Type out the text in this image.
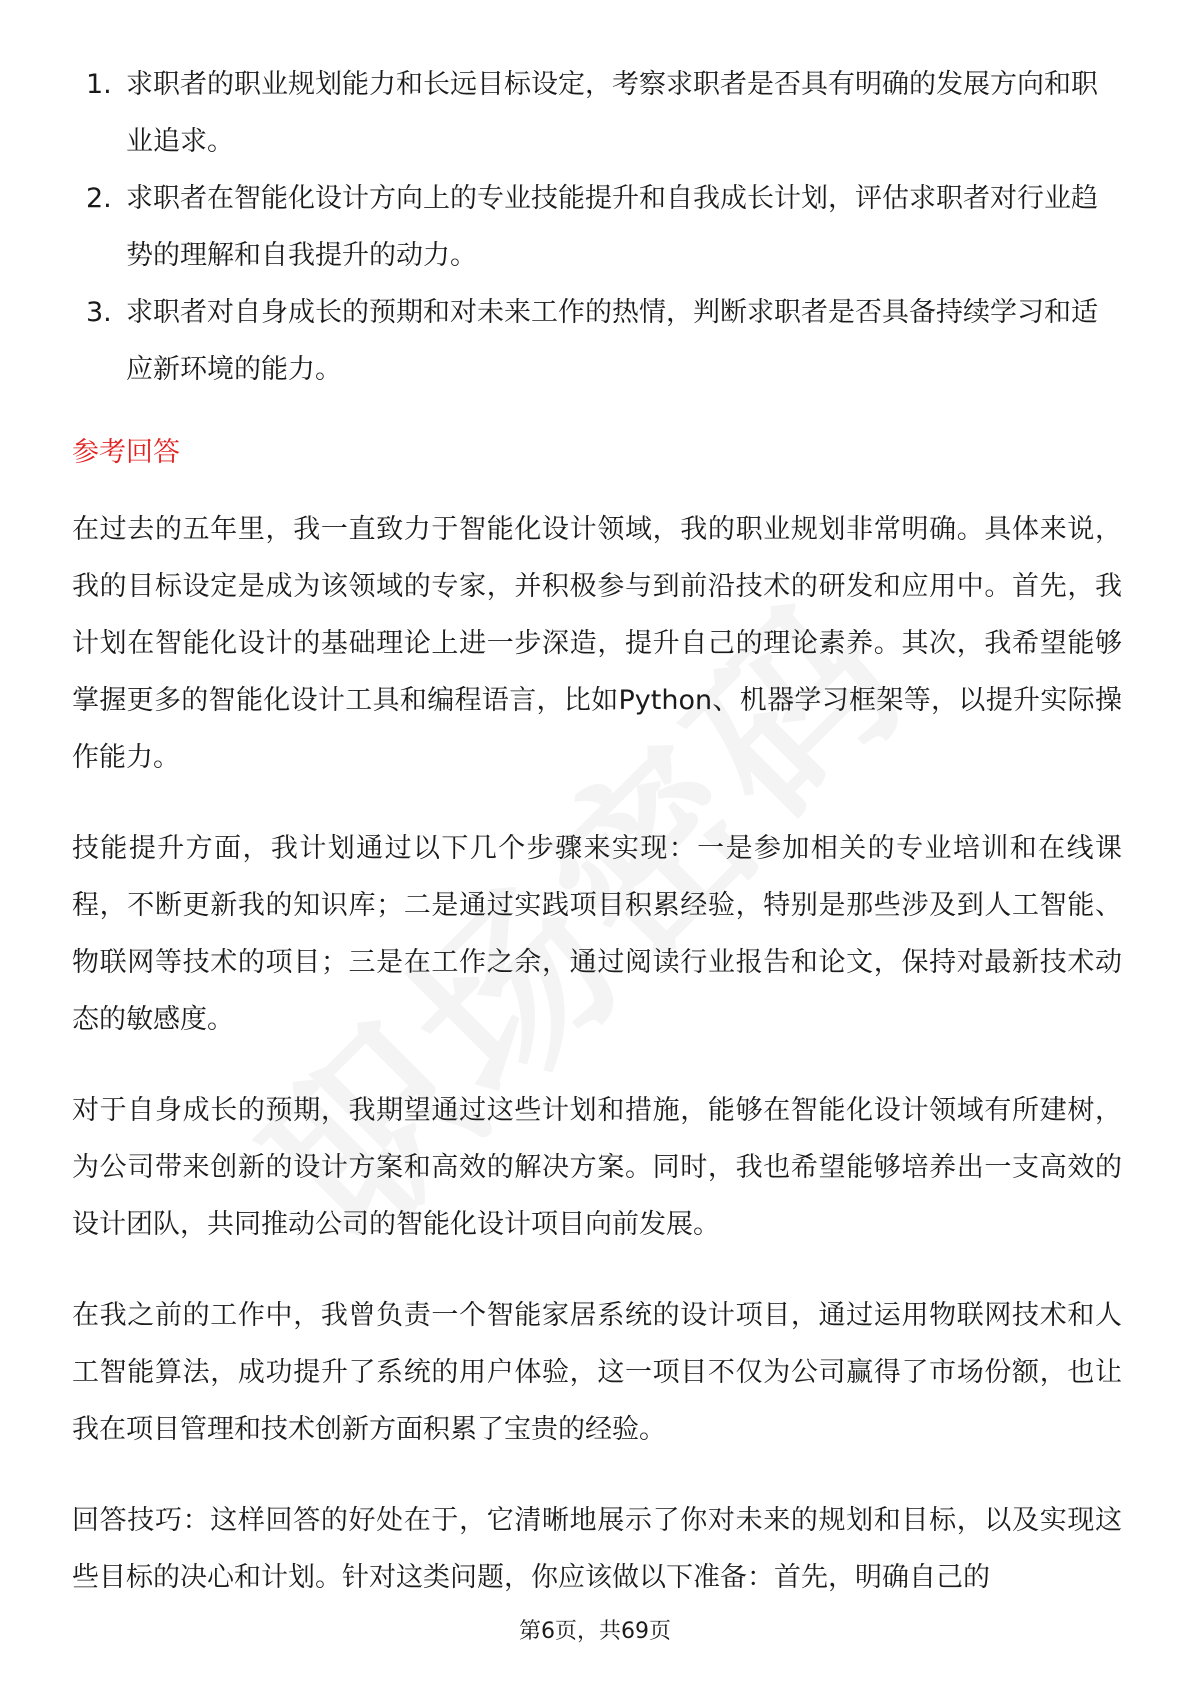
1. 求职者的职业规划能力和长远目标设定，考察求职者是否具有明确的发展方向和职业追求。
2. 求职者在智能化设计方向上的专业技能提升和自我成长计划，评估求职者对行业趋势的理解和自我提升的动力。
3. 求职者对自身成长的预期和对未来工作的热情，判断求职者是否具备持续学习和适应新环境的能力。
参考回答

在过去的五年里，我一直致力于智能化设计领域，我的职业规划非常明确。具体来说，我的目标设定是成为该领域的专家，并积极参与到前沿技术的研发和应用中。首先，我计划在智能化设计的基础理论上进一步深造，提升自己的理论素养。其次，我希望能够掌握更多的智能化设计工具和编程语言，比如Python、机器学习框架等，以提升实际操作能力。

技能提升方面，我计划通过以下几个步骤来实现：一是参加相关的专业培训和在线课程，不断更新我的知识库；二是通过实践项目积累经验，特别是那些涉及到人工智能、物联网等技术的项目；三是在工作之余，通过阅读行业报告和论文，保持对最新技术动态的敏感度。

对于自身成长的预期，我期望通过这些计划和措施，能够在智能化设计领域有所建树，为公司带来创新的设计方案和高效的解决方案。同时，我也希望能够培养出一支高效的设计团队，共同推动公司的智能化设计项目向前发展。

在我之前的工作中，我曾负责一个智能家居系统的设计项目，通过运用物联网技术和人工智能算法，成功提升了系统的用户体验，这一项目不仅为公司赢得了市场份额，也让我在项目管理和技术创新方面积累了宝贵的经验。

回答技巧：这样回答的好处在于，它清晰地展示了你对未来的规划和目标，以及实现这些目标的决心和计划。针对这类问题，你应该做以下准备：首先，明确自己的

第6页，共69页
